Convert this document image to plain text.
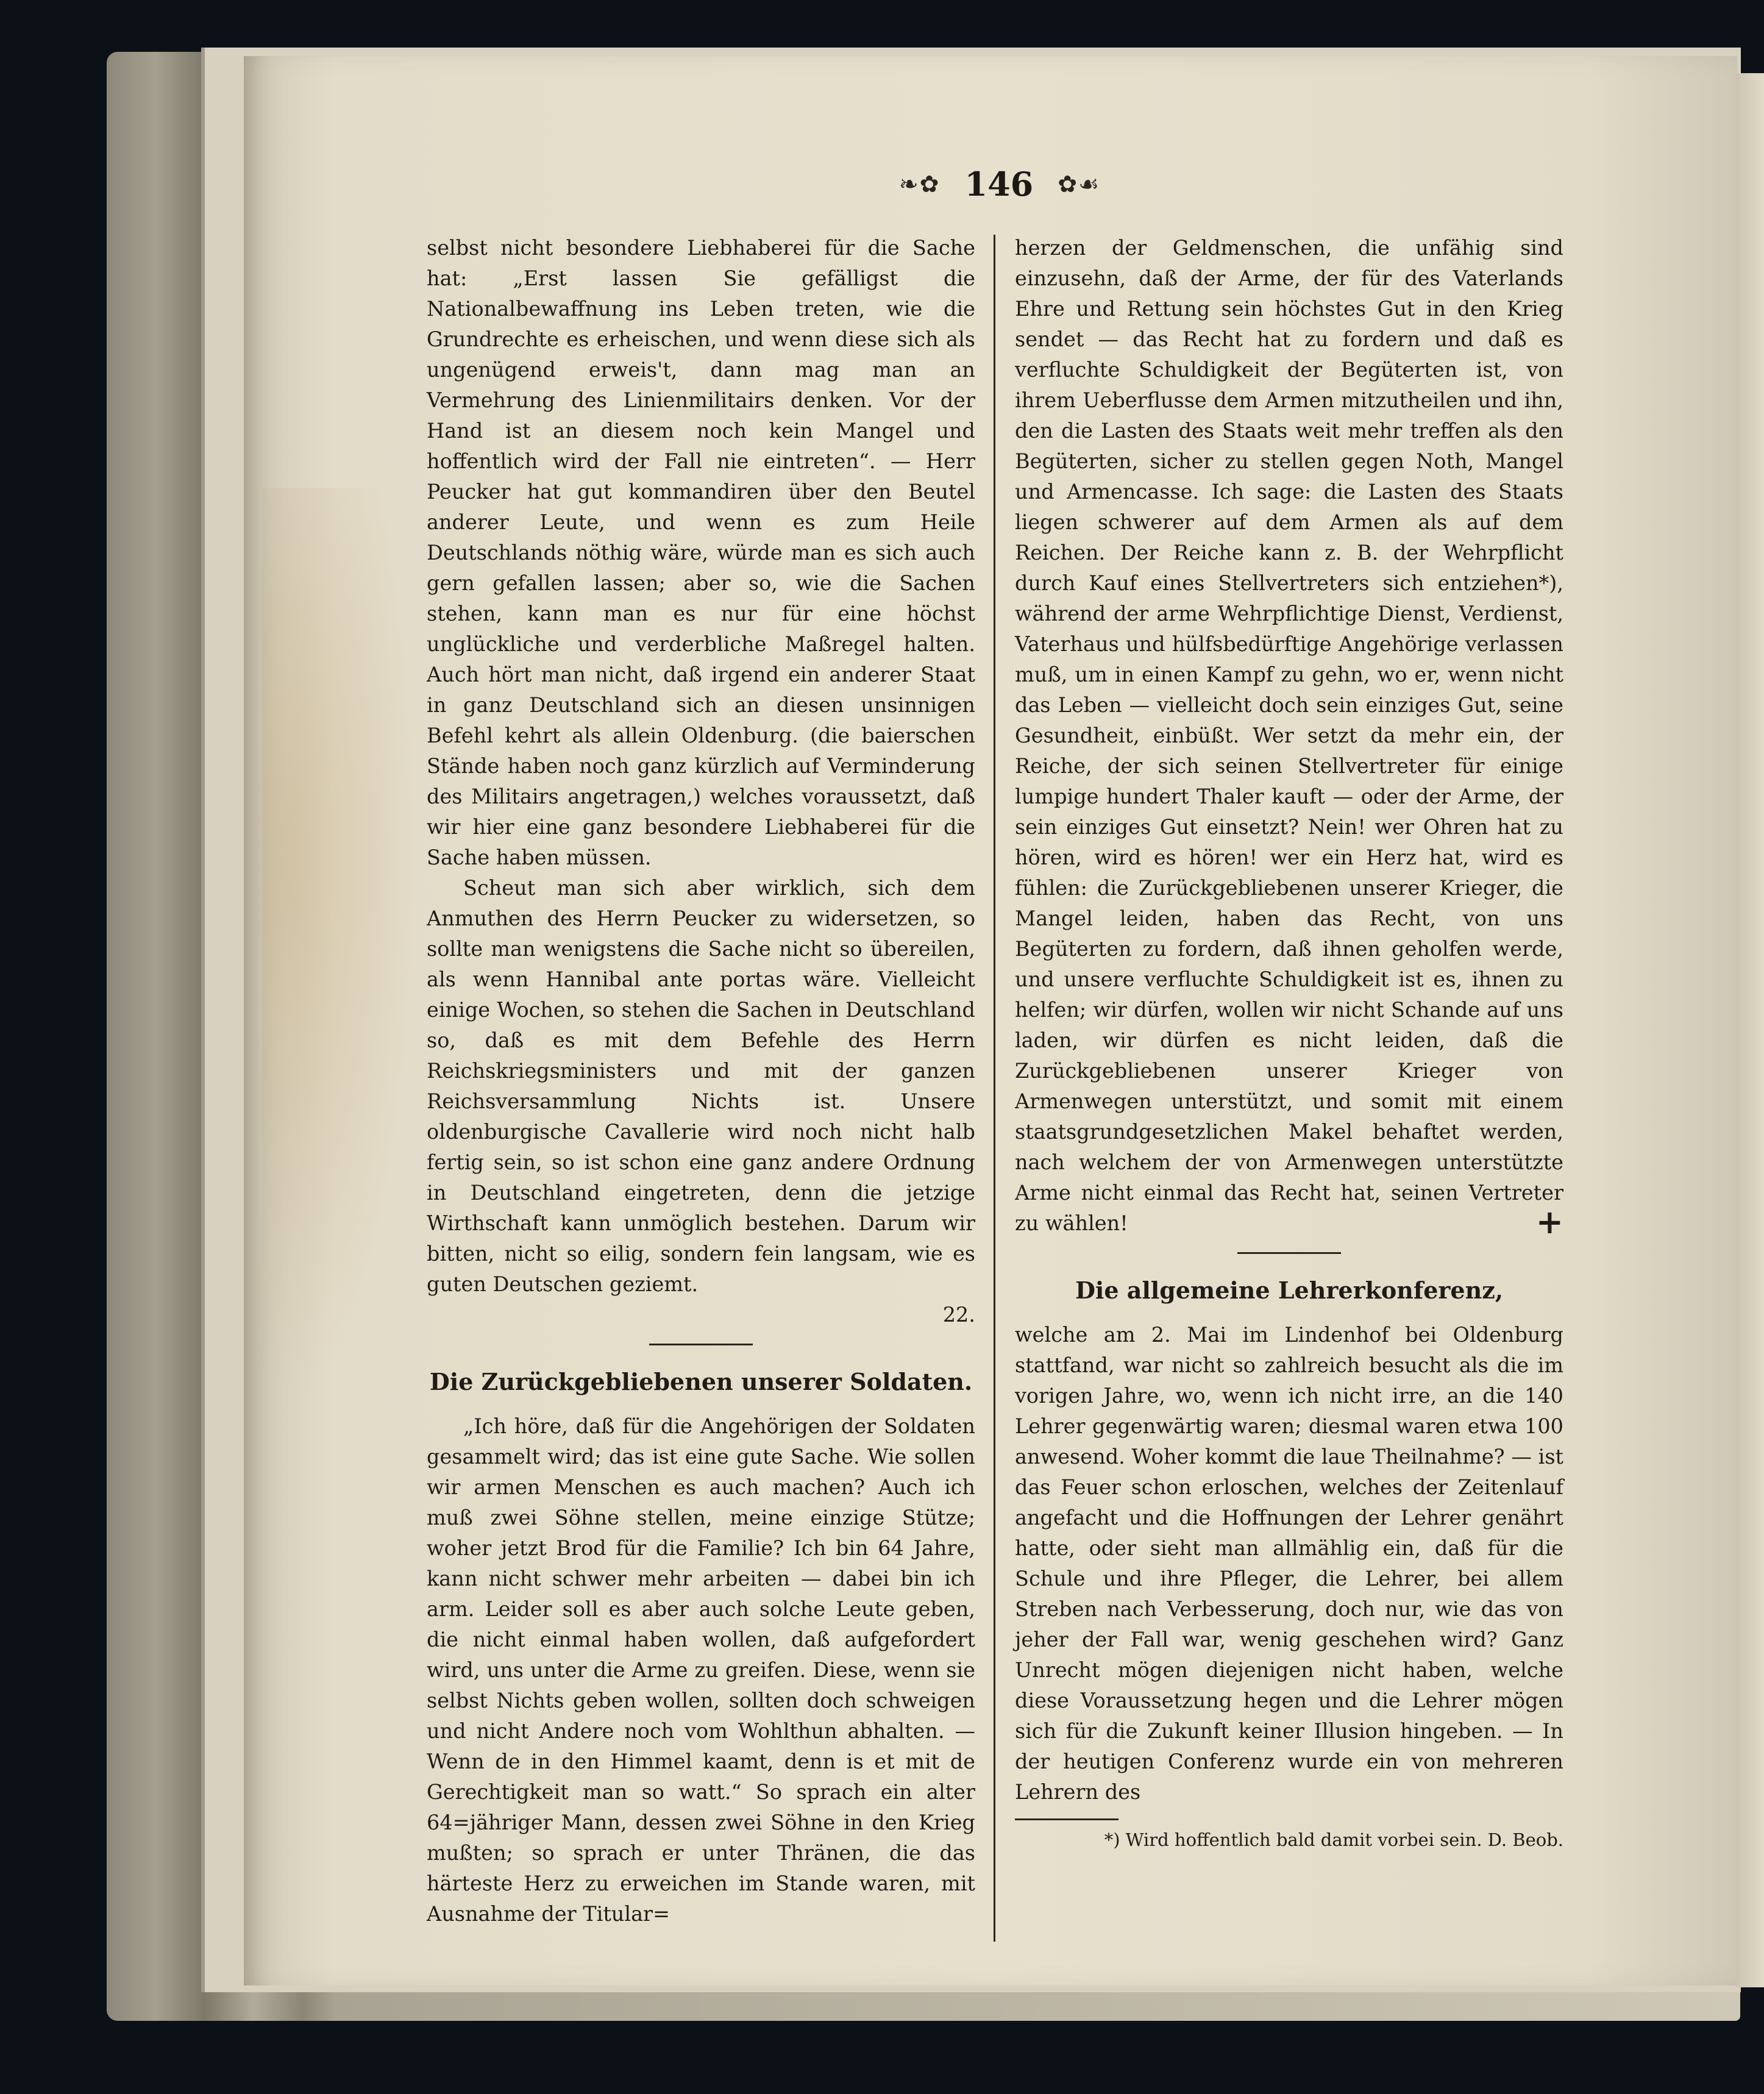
❧✿ 146 ✿☙

selbst nicht besondere Liebhaberei für die Sache hat: „Erst lassen Sie gefälligst die Nationalbewaffnung ins Leben treten, wie die Grundrechte es erheischen, und wenn diese sich als ungenügend erweis't, dann mag man an Vermehrung des Linienmilitairs denken. Vor der Hand ist an diesem noch kein Mangel und hoffentlich wird der Fall nie eintreten“. — Herr Peucker hat gut kommandiren über den Beutel anderer Leute, und wenn es zum Heile Deutschlands nöthig wäre, würde man es sich auch gern gefallen lassen; aber so, wie die Sachen stehen, kann man es nur für eine höchst unglückliche und verderbliche Maßregel halten. Auch hört man nicht, daß irgend ein anderer Staat in ganz Deutschland sich an diesen unsinnigen Befehl kehrt als allein Oldenburg. (die baierschen Stände haben noch ganz kürzlich auf Verminderung des Militairs angetragen,) welches voraussetzt, daß wir hier eine ganz besondere Liebhaberei für die Sache haben müssen.

Scheut man sich aber wirklich, sich dem Anmuthen des Herrn Peucker zu widersetzen, so sollte man wenigstens die Sache nicht so übereilen, als wenn Hannibal ante portas wäre. Vielleicht einige Wochen, so stehen die Sachen in Deutschland so, daß es mit dem Befehle des Herrn Reichskriegsministers und mit der ganzen Reichsversammlung Nichts ist. Unsere oldenburgische Cavallerie wird noch nicht halb fertig sein, so ist schon eine ganz andere Ordnung in Deutschland eingetreten, denn die jetzige Wirthschaft kann unmöglich bestehen. Darum wir bitten, nicht so eilig, sondern fein langsam, wie es guten Deutschen geziemt.

22.
Die Zurückgebliebenen unserer Soldaten.

„Ich höre, daß für die Angehörigen der Soldaten gesammelt wird; das ist eine gute Sache. Wie sollen wir armen Menschen es auch machen? Auch ich muß zwei Söhne stellen, meine einzige Stütze; woher jetzt Brod für die Familie? Ich bin 64 Jahre, kann nicht schwer mehr arbeiten — dabei bin ich arm. Leider soll es aber auch solche Leute geben, die nicht einmal haben wollen, daß aufgefordert wird, uns unter die Arme zu greifen. Diese, wenn sie selbst Nichts geben wollen, sollten doch schweigen und nicht Andere noch vom Wohlthun abhalten. — Wenn de in den Himmel kaamt, denn is et mit de Gerechtigkeit man so watt.“ So sprach ein alter 64=jähriger Mann, dessen zwei Söhne in den Krieg mußten; so sprach er unter Thränen, die das härteste Herz zu erweichen im Stande waren, mit Ausnahme der Titular=

herzen der Geldmenschen, die unfähig sind einzusehn, daß der Arme, der für des Vaterlands Ehre und Rettung sein höchstes Gut in den Krieg sendet — das Recht hat zu fordern und daß es verfluchte Schuldigkeit der Begüterten ist, von ihrem Ueberflusse dem Armen mitzutheilen und ihn, den die Lasten des Staats weit mehr treffen als den Begüterten, sicher zu stellen gegen Noth, Mangel und Armencasse. Ich sage: die Lasten des Staats liegen schwerer auf dem Armen als auf dem Reichen. Der Reiche kann z. B. der Wehrpflicht durch Kauf eines Stellvertreters sich entziehen*), während der arme Wehrpflichtige Dienst, Verdienst, Vaterhaus und hülfsbedürftige Angehörige verlassen muß, um in einen Kampf zu gehn, wo er, wenn nicht das Leben — vielleicht doch sein einziges Gut, seine Gesundheit, einbüßt. Wer setzt da mehr ein, der Reiche, der sich seinen Stellvertreter für einige lumpige hundert Thaler kauft — oder der Arme, der sein einziges Gut einsetzt? Nein! wer Ohren hat zu hören, wird es hören! wer ein Herz hat, wird es fühlen: die Zurückgebliebenen unserer Krieger, die Mangel leiden, haben das Recht, von uns Begüterten zu fordern, daß ihnen geholfen werde, und unsere verfluchte Schuldigkeit ist es, ihnen zu helfen; wir dürfen, wollen wir nicht Schande auf uns laden, wir dürfen es nicht leiden, daß die Zurückgebliebenen unserer Krieger von Armenwegen unterstützt, und somit mit einem staatsgrundgesetzlichen Makel behaftet werden, nach welchem der von Armenwegen unterstützte Arme nicht einmal das Recht hat, seinen Vertreter zu wählen!	+

Die allgemeine Lehrerkonferenz,

welche am 2. Mai im Lindenhof bei Oldenburg stattfand, war nicht so zahlreich besucht als die im vorigen Jahre, wo, wenn ich nicht irre, an die 140 Lehrer gegenwärtig waren; diesmal waren etwa 100 anwesend. Woher kommt die laue Theilnahme? — ist das Feuer schon erloschen, welches der Zeitenlauf angefacht und die Hoffnungen der Lehrer genährt hatte, oder sieht man allmählig ein, daß für die Schule und ihre Pfleger, die Lehrer, bei allem Streben nach Verbesserung, doch nur, wie das von jeher der Fall war, wenig geschehen wird? Ganz Unrecht mögen diejenigen nicht haben, welche diese Voraussetzung hegen und die Lehrer mögen sich für die Zukunft keiner Illusion hingeben. — In der heutigen Conferenz wurde ein von mehreren Lehrern des

*) Wird hoffentlich bald damit vorbei sein. D. Beob.
